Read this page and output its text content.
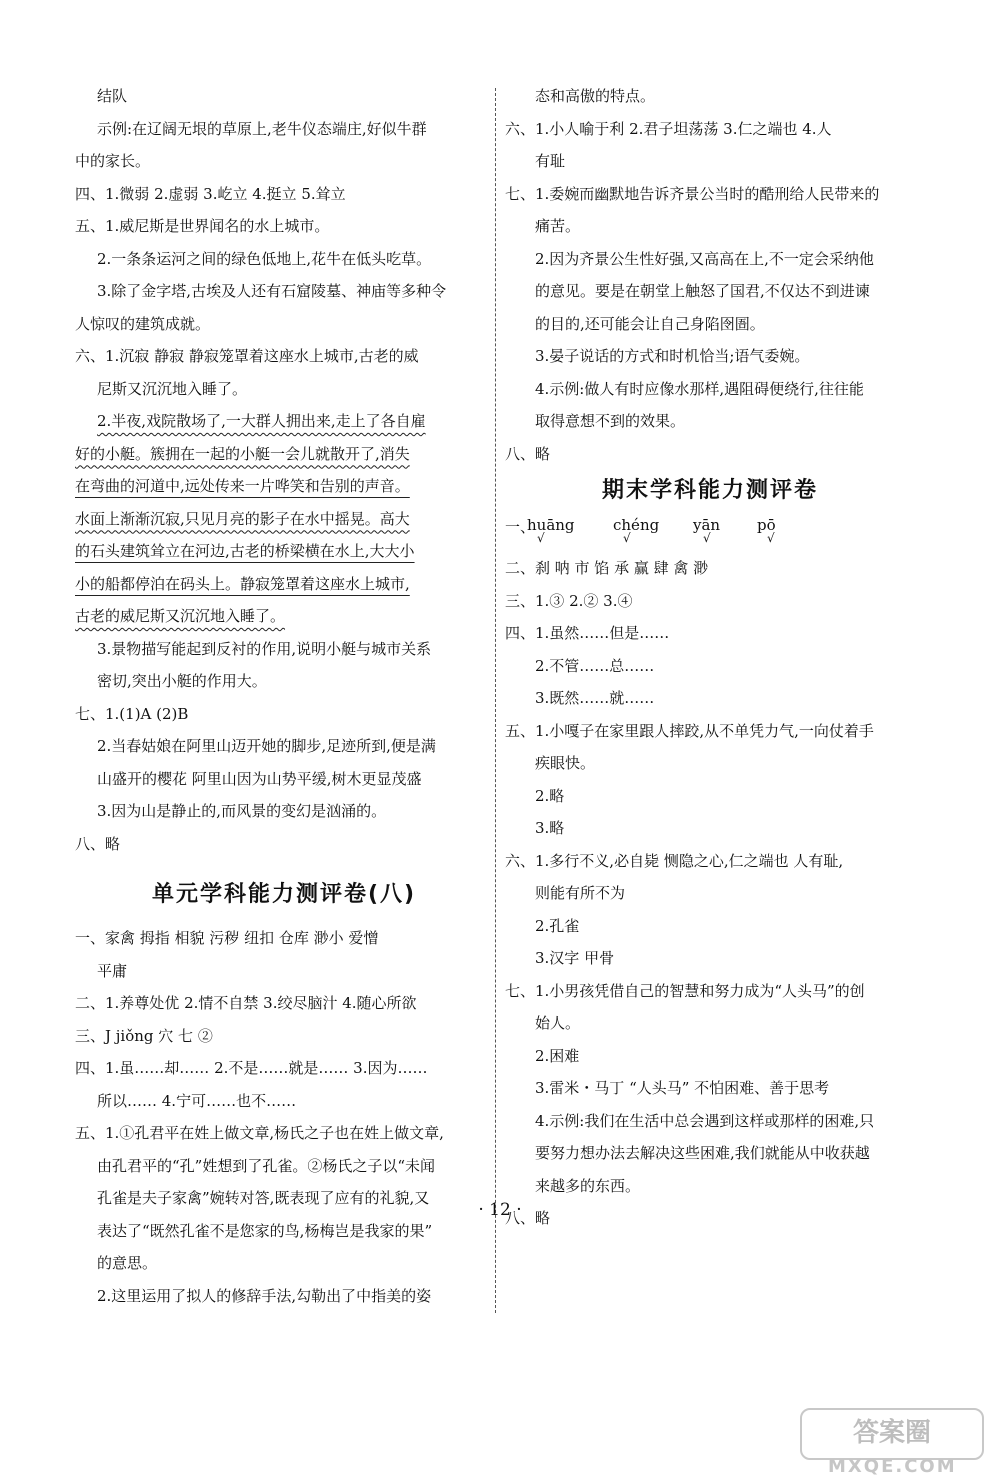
结队
示例:在辽阔无垠的草原上,老牛仪态端庄,好似牛群
中的家长。
四、1.微弱 2.虚弱 3.屹立 4.挺立 5.耸立
五、1.威尼斯是世界闻名的水上城市。
2.一条条运河之间的绿色低地上,花牛在低头吃草。
3.除了金字塔,古埃及人还有石窟陵墓、神庙等多种令
人惊叹的建筑成就。
六、1.沉寂 静寂 静寂笼罩着这座水上城市,古老的威
尼斯又沉沉地入睡了。
2.半夜,戏院散场了,一大群人拥出来,走上了各自雇
好的小艇。簇拥在一起的小艇一会儿就散开了,消失
在弯曲的河道中,远处传来一片哗笑和告别的声音。
水面上渐渐沉寂,只见月亮的影子在水中摇晃。高大
的石头建筑耸立在河边,古老的桥梁横在水上,大大小
小的船都停泊在码头上。静寂笼罩着这座水上城市,
古老的威尼斯又沉沉地入睡了。
3.景物描写能起到反衬的作用,说明小艇与城市关系
密切,突出小艇的作用大。
七、1.(1)A (2)B
2.当春姑娘在阿里山迈开她的脚步,足迹所到,便是满
山盛开的樱花 阿里山因为山势平缓,树木更显茂盛
3.因为山是静止的,而风景的变幻是汹涌的。
八、略
单元学科能力测评卷(八)
一、家禽 拇指 相貌 污秽 纽扣 仓库 渺小 爱憎
平庸
二、1.养尊处优 2.情不自禁 3.绞尽脑汁 4.随心所欲
三、J jiǒng 穴 七 ②
四、1.虽……却…… 2.不是……就是…… 3.因为……
所以…… 4.宁可……也不……
五、1.①孔君平在姓上做文章,杨氏之子也在姓上做文章,
由孔君平的“孔”姓想到了孔雀。②杨氏之子以“未闻
孔雀是夫子家禽”婉转对答,既表现了应有的礼貌,又
表达了“既然孔雀不是您家的鸟,杨梅岂是我家的果”
的意思。
2.这里运用了拟人的修辞手法,勾勒出了中指美的姿
态和高傲的特点。
六、1.小人喻于利 2.君子坦荡荡 3.仁之端也 4.人
有耻
七、1.委婉而幽默地告诉齐景公当时的酷刑给人民带来的
痛苦。
2.因为齐景公生性好强,又高高在上,不一定会采纳他
的意见。要是在朝堂上触怒了国君,不仅达不到进谏
的目的,还可能会让自己身陷囹圄。
3.晏子说话的方式和时机恰当;语气委婉。
4.示例:做人有时应像水那样,遇阻碍便绕行,往往能
取得意想不到的效果。
八、略
期末学科能力测评卷
一、
huāng
√
chéng
√
yān
√
pō
√
二、刹 呐 市 馅 承 赢 肆 禽 渺
三、1.③ 2.② 3.④
四、1.虽然……但是……
2.不管……总……
3.既然……就……
五、1.小嘎子在家里跟人摔跤,从不单凭力气,一向仗着手
疾眼快。
2.略
3.略
六、1.多行不义,必自毙 恻隐之心,仁之端也 人有耻,
则能有所不为
2.孔雀
3.汉字 甲骨
七、1.小男孩凭借自己的智慧和努力成为“人头马”的创
始人。
2.困难
3.雷米・马丁 “人头马” 不怕困难、善于思考
4.示例:我们在生活中总会遇到这样或那样的困难,只
要努力想办法去解决这些困难,我们就能从中收获越
来越多的东西。
八、略
· 12 ·
答案圈
MXQE.COM
